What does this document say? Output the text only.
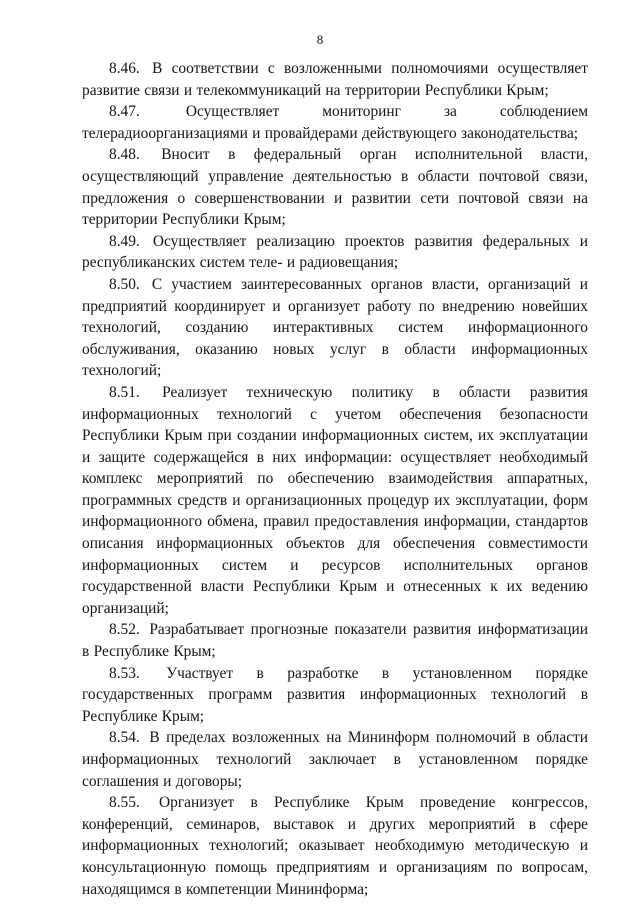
8

8.46. В соответствии с возложенными полномочиями осуществляет развитие связи и телекоммуникаций на территории Республики Крым;

8.47.	Осуществляет мониторинг за соблюдением телерадиоорганизациями и провайдерами действующего законодательства;

8.48. Вносит в федеральный орган исполнительной власти, осуществляющий управление деятельностью в области почтовой связи, предложения о совершенствовании и развитии сети почтовой связи на территории Республики Крым;

8.49. Осуществляет реализацию проектов развития федеральных и республиканских систем теле- и радиовещания;

8.50. С участием заинтересованных органов власти, организаций и предприятий координирует и организует работу по внедрению новейших технологий, созданию интерактивных систем информационного обслуживания, оказанию новых услуг в области информационных технологий;

8.51. Реализует техническую политику в области развития информационных технологий с учетом обеспечения безопасности Республики Крым при создании информационных систем, их эксплуатации и защите содержащейся в них информации: осуществляет необходимый комплекс мероприятий по обеспечению взаимодействия аппаратных, программных средств и организационных процедур их эксплуатации, форм информационного обмена, правил предоставления информации, стандартов описания информационных объектов для обеспечения совместимости информационных систем и ресурсов исполнительных органов государственной власти Республики Крым и отнесенных к их ведению организаций;

8.52. Разрабатывает прогнозные показатели развития информатизации в Республике Крым;

8.53. Участвует в разработке в установленном порядке государственных программ развития информационных технологий в Республике Крым;

8.54. В пределах возложенных на Mининформ полномочий в области информационных технологий заключает в установленном порядке соглашения и договоры;

8.55. Организует в Республике Крым проведение конгрессов, конференций, семинаров, выставок и других мероприятий в сфере информационных технологий; оказывает необходимую методическую и консультационную помощь предприятиям и организациям по вопросам, находящимся в компетенции Мининформа;
